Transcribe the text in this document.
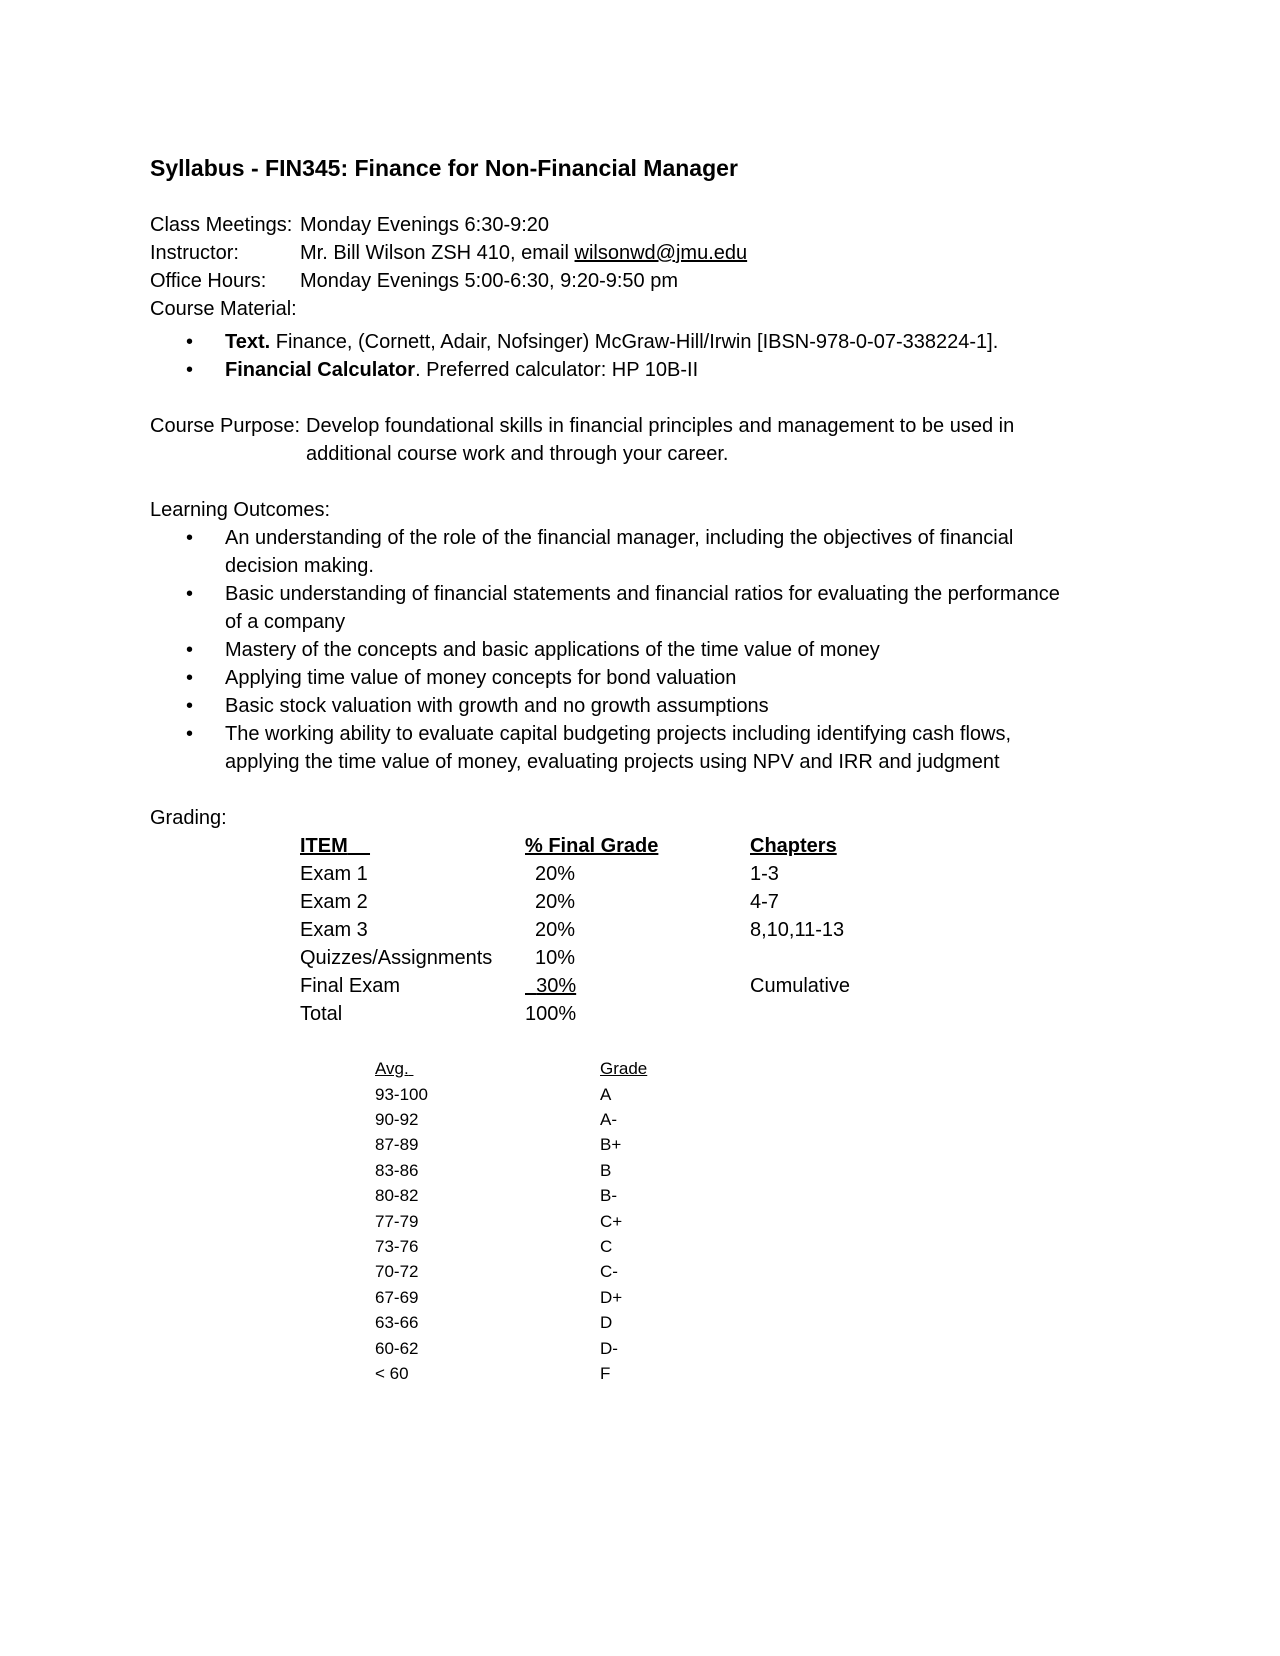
Syllabus - FIN345: Finance for Non-Financial Manager
Class Meetings: Monday Evenings 6:30-9:20
Instructor:	Mr. Bill Wilson ZSH 410, email wilsonwd@jmu.edu
Office Hours: Monday Evenings 5:00-6:30, 9:20-9:50 pm
Course Material:
• Text. Finance, (Cornett, Adair, Nofsinger) McGraw-Hill/Irwin [IBSN-978-0-07-338224-1].
• Financial Calculator. Preferred calculator: HP 10B-II
Course Purpose: Develop foundational skills in financial principles and management to be used in
additional course work and through your career.
Learning Outcomes:
• An understanding of the role of the financial manager, including the objectives of financial
decision making.
• Basic understanding of financial statements and financial ratios for evaluating the performance
of a company
• Mastery of the concepts and basic applications of the time value of money
• Applying time value of money concepts for bond valuation
• Basic stock valuation with growth and no growth assumptions
• The working ability to evaluate capital budgeting projects including identifying cash flows,
applying the time value of money, evaluating projects using NPV and IRR and judgment
Grading:
ITEM	% Final Grade	Chapters
Exam 1	20%	1-3
Exam 2	20%	4-7
Exam 3	20%	8,10,11-13
Quizzes/Assignments 10%
Final Exam	30%	Cumulative
Total	100%
Avg.	Grade
93-100	A
90-92	A-
87-89	B+
83-86	B
80-82	B-
77-79	C+
73-76	C
70-72	C-
67-69	D+
63-66	D
60-62	D-
< 60	F
